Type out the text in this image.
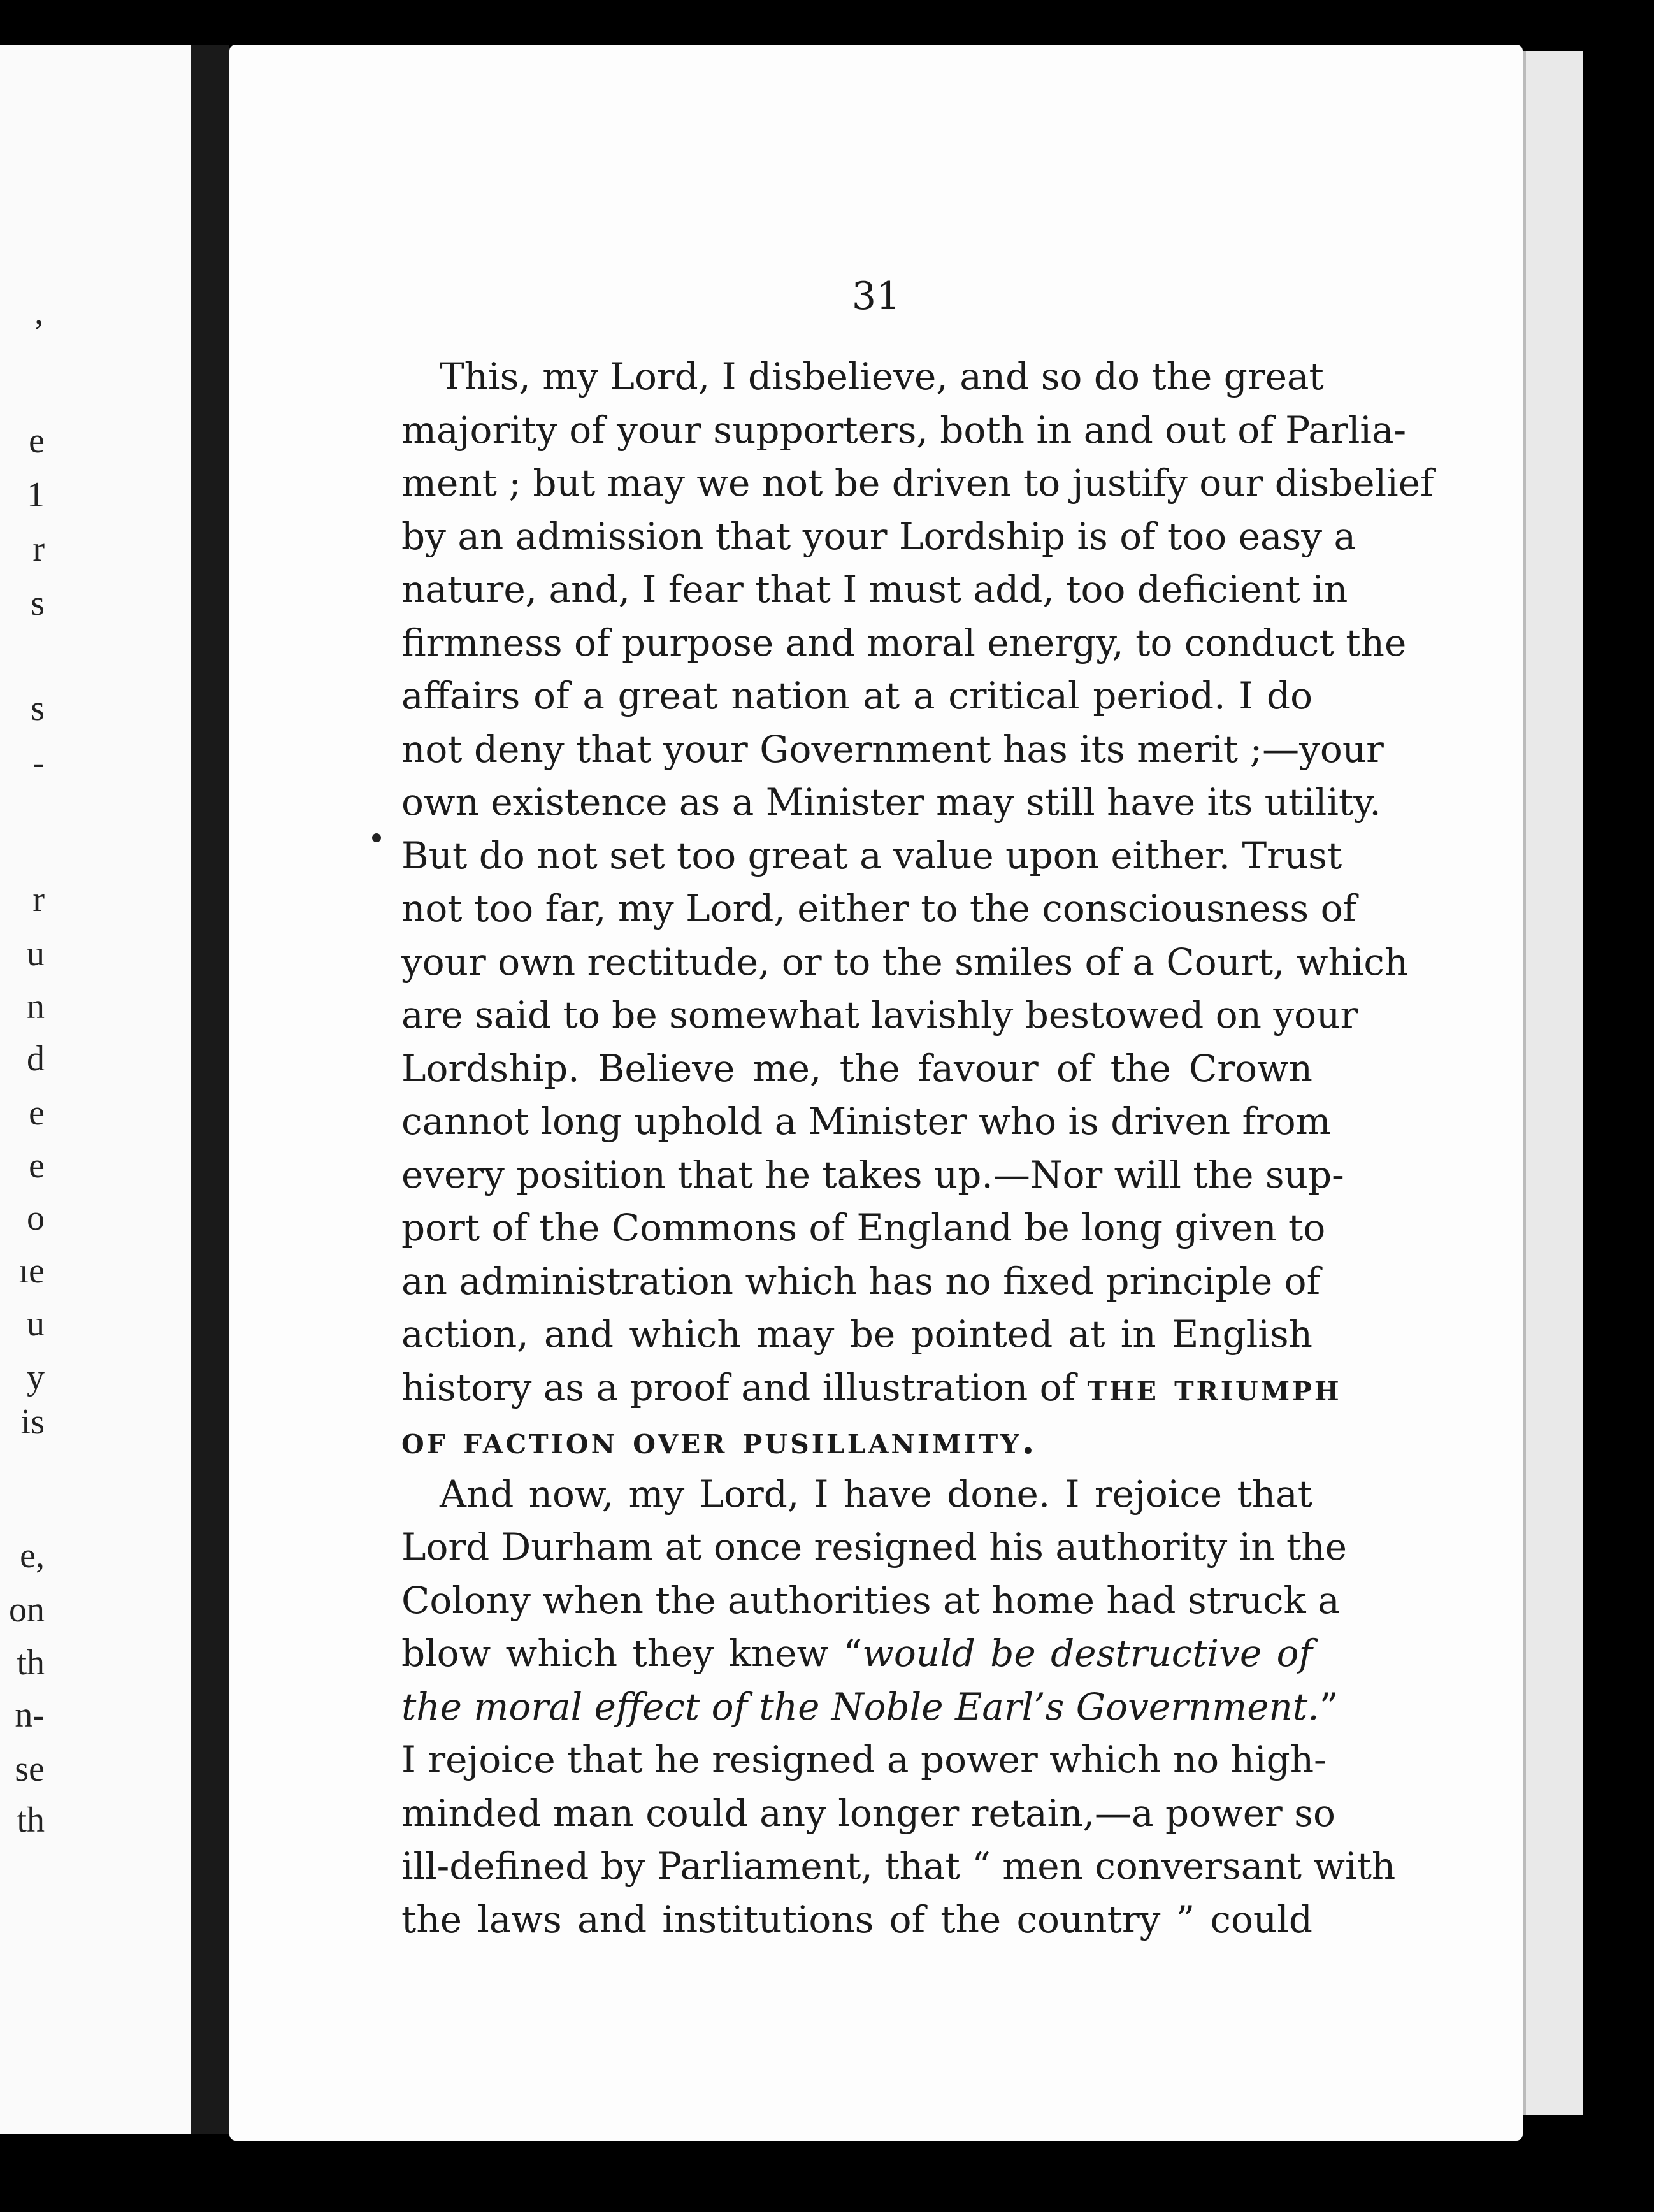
’
e
1
r
s
s
-
r
u
n
d
e
e
o
ıe
u
y
is
e,
on
th
n-
se
th
31
This, my Lord, I disbelieve, and so do the great
majority of your supporters, both in and out of Parlia-
ment ; but may we not be driven to justify our disbelief
by an admission that your Lordship is of too easy a
nature, and, I fear that I must add, too deficient in
firmness of purpose and moral energy, to conduct the
affairs of a great nation at a critical period. I do
not deny that your Government has its merit ;—your
own existence as a Minister may still have its utility.
But do not set too great a value upon either. Trust
not too far, my Lord, either to the consciousness of
your own rectitude, or to the smiles of a Court, which
are said to be somewhat lavishly bestowed on your
Lordship. Believe me, the favour of the Crown
cannot long uphold a Minister who is driven from
every position that he takes up.—Nor will the sup-
port of the Commons of England be long given to
an administration which has no fixed principle of
action, and which may be pointed at in English
history as a proof and illustration of the triumph
of faction over pusillanimity.
And now, my Lord, I have done. I rejoice that
Lord Durham at once resigned his authority in the
Colony when the authorities at home had struck a
blow which they knew “would be destructive of
the moral effect of the Noble Earl’s Government.”
I rejoice that he resigned a power which no high-
minded man could any longer retain,—a power so
ill-defined by Parliament, that “ men conversant with
the laws and institutions of the country ” could
